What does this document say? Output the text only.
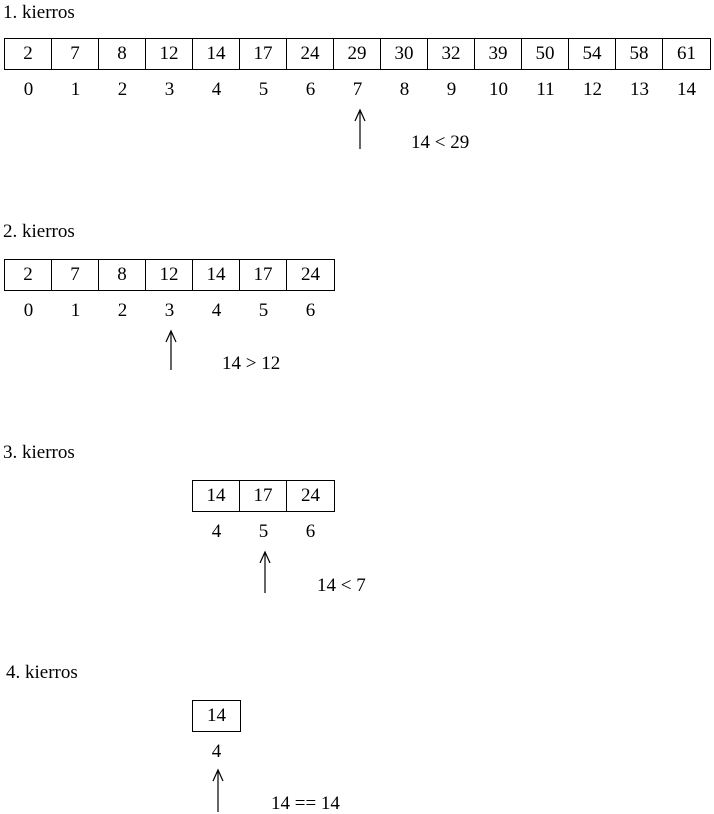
1. kierros
2	7	8	12	14	17	24	29	30	32	39	50	54	58	61
0	1	2	3	4	5	6	7	8	9	10	11	12	13	14
14 < 29
2. kierros
2	7	8	12	14	17	24
0	1	2	3	4	5	6
14 > 12
3. kierros
14	17	24
4	5	6
14 < 7
4. kierros
14
4
14 == 14
